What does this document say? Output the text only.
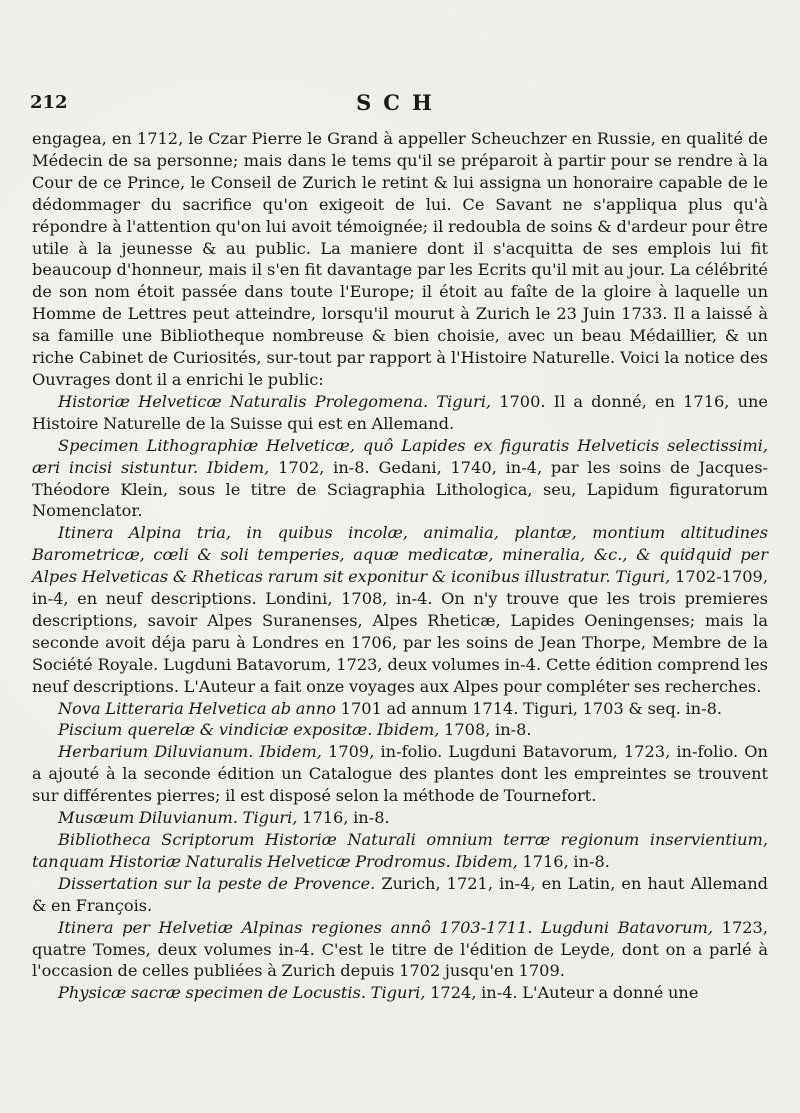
212	SCH

engagea, en 1712, le Czar Pierre le Grand à appeller Scheuchzer en Russie, en qualité de Médecin de sa personne; mais dans le tems qu'il se préparoit à partir pour se rendre à la Cour de ce Prince, le Conseil de Zurich le retint & lui assigna un honoraire capable de le dédommager du sacrifice qu'on exigeoit de lui. Ce Savant ne s'appliqua plus qu'à répondre à l'attention qu'on lui avoit témoignée; il redoubla de soins & d'ardeur pour être utile à la jeunesse & au public. La maniere dont il s'acquitta de ses emplois lui fit beaucoup d'honneur, mais il s'en fit davantage par les Ecrits qu'il mit au jour. La célébrité de son nom étoit passée dans toute l'Europe; il étoit au faîte de la gloire à laquelle un Homme de Lettres peut atteindre, lorsqu'il mourut à Zurich le 23 Juin 1733. Il a laissé à sa famille une Bibliotheque nombreuse & bien choisie, avec un beau Médaillier, & un riche Cabinet de Curiosités, sur-tout par rapport à l'Histoire Naturelle. Voici la notice des Ouvrages dont il a enrichi le public:

Historiæ Helveticæ Naturalis Prolegomena. Tiguri, 1700. Il a donné, en 1716, une Histoire Naturelle de la Suisse qui est en Allemand.

Specimen Lithographiæ Helveticæ, quô Lapides ex figuratis Helveticis selectissimi, æri incisi sistuntur. Ibidem, 1702, in-8. Gedani, 1740, in-4, par les soins de Jacques-Théodore Klein, sous le titre de Sciagraphia Lithologica, seu, Lapidum figuratorum Nomenclator.

Itinera Alpina tria, in quibus incolæ, animalia, plantæ, montium altitudines Barometricæ, cœli & soli temperies, aquæ medicatæ, mineralia, &c., & quidquid per Alpes Helveticas & Rheticas rarum sit exponitur & iconibus illustratur. Tiguri, 1702-1709, in-4, en neuf descriptions. Londini, 1708, in-4. On n'y trouve que les trois premieres descriptions, savoir Alpes Suranenses, Alpes Rheticæ, Lapides Oeningenses; mais la seconde avoit déja paru à Londres en 1706, par les soins de Jean Thorpe, Membre de la Société Royale. Lugduni Batavorum, 1723, deux volumes in-4. Cette édition comprend les neuf descriptions. L'Auteur a fait onze voyages aux Alpes pour compléter ses recherches.

Nova Litteraria Helvetica ab anno 1701 ad annum 1714. Tiguri, 1703 & seq. in-8.

Piscium querelæ & vindiciæ expositæ. Ibidem, 1708, in-8.

Herbarium Diluvianum. Ibidem, 1709, in-folio. Lugduni Batavorum, 1723, in-folio. On a ajouté à la seconde édition un Catalogue des plantes dont les empreintes se trouvent sur différentes pierres; il est disposé selon la méthode de Tournefort.

Musæum Diluvianum. Tiguri, 1716, in-8.

Bibliotheca Scriptorum Historiæ Naturali omnium terræ regionum inservientium, tanquam Historiæ Naturalis Helveticæ Prodromus. Ibidem, 1716, in-8.

Dissertation sur la peste de Provence. Zurich, 1721, in-4, en Latin, en haut Allemand & en François.

Itinera per Helvetiæ Alpinas regiones annô 1703-1711. Lugduni Batavorum, 1723, quatre Tomes, deux volumes in-4. C'est le titre de l'édition de Leyde, dont on a parlé à l'occasion de celles publiées à Zurich depuis 1702 jusqu'en 1709.

Physicæ sacræ specimen de Locustis. Tiguri, 1724, in-4. L'Auteur a donné une
